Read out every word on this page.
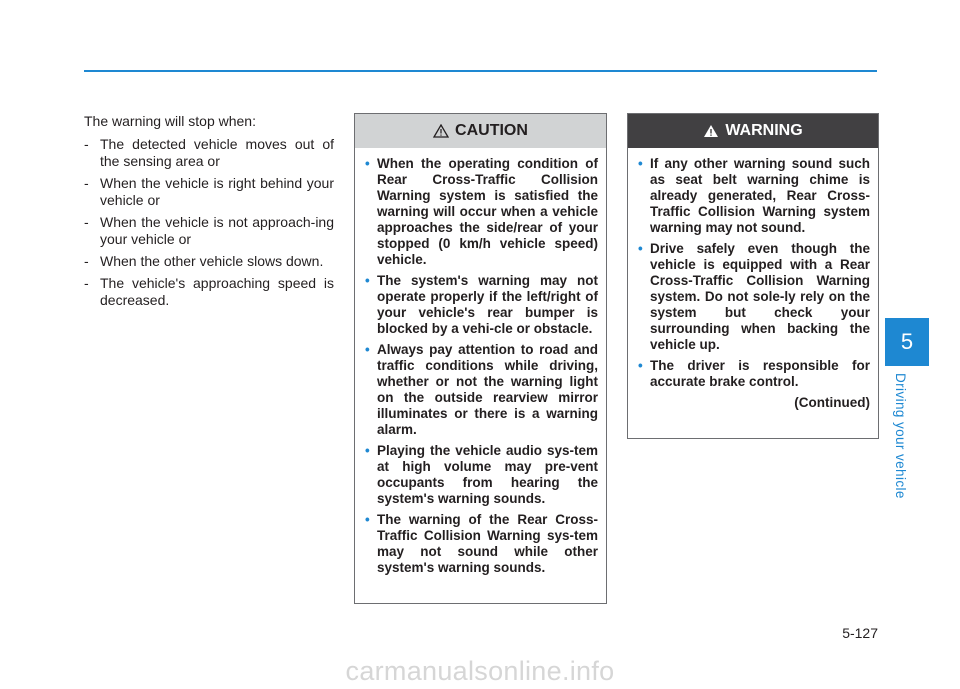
The warning will stop when:

- The detected vehicle moves out of the sensing area or
- When the vehicle is right behind your vehicle or
- When the vehicle is not approach-ing your vehicle or
- When the other vehicle slows down.
- The vehicle's approaching speed is decreased.
CAUTION
• When the operating condition of Rear Cross-Traffic Collision Warning system is satisfied the warning will occur when a vehicle approaches the side/rear of your stopped (0 km/h vehicle speed) vehicle.
• The system's warning may not operate properly if the left/right of your vehicle's rear bumper is blocked by a vehi-cle or obstacle.
• Always pay attention to road and traffic conditions while driving, whether or not the warning light on the outside rearview mirror illuminates or there is a warning alarm.
• Playing the vehicle audio sys-tem at high volume may pre-vent occupants from hearing the system's warning sounds.
• The warning of the Rear Cross-Traffic Collision Warning sys-tem may not sound while other system's warning sounds.
WARNING
• If any other warning sound such as seat belt warning chime is already generated, Rear Cross-Traffic Collision Warning system warning may not sound.
• Drive safely even though the vehicle is equipped with a Rear Cross-Traffic Collision Warning system. Do not sole-ly rely on the system but check your surrounding when backing the vehicle up.
• The driver is responsible for accurate brake control.
(Continued)
5
Driving your vehicle
5-127
carmanualsonline.info
